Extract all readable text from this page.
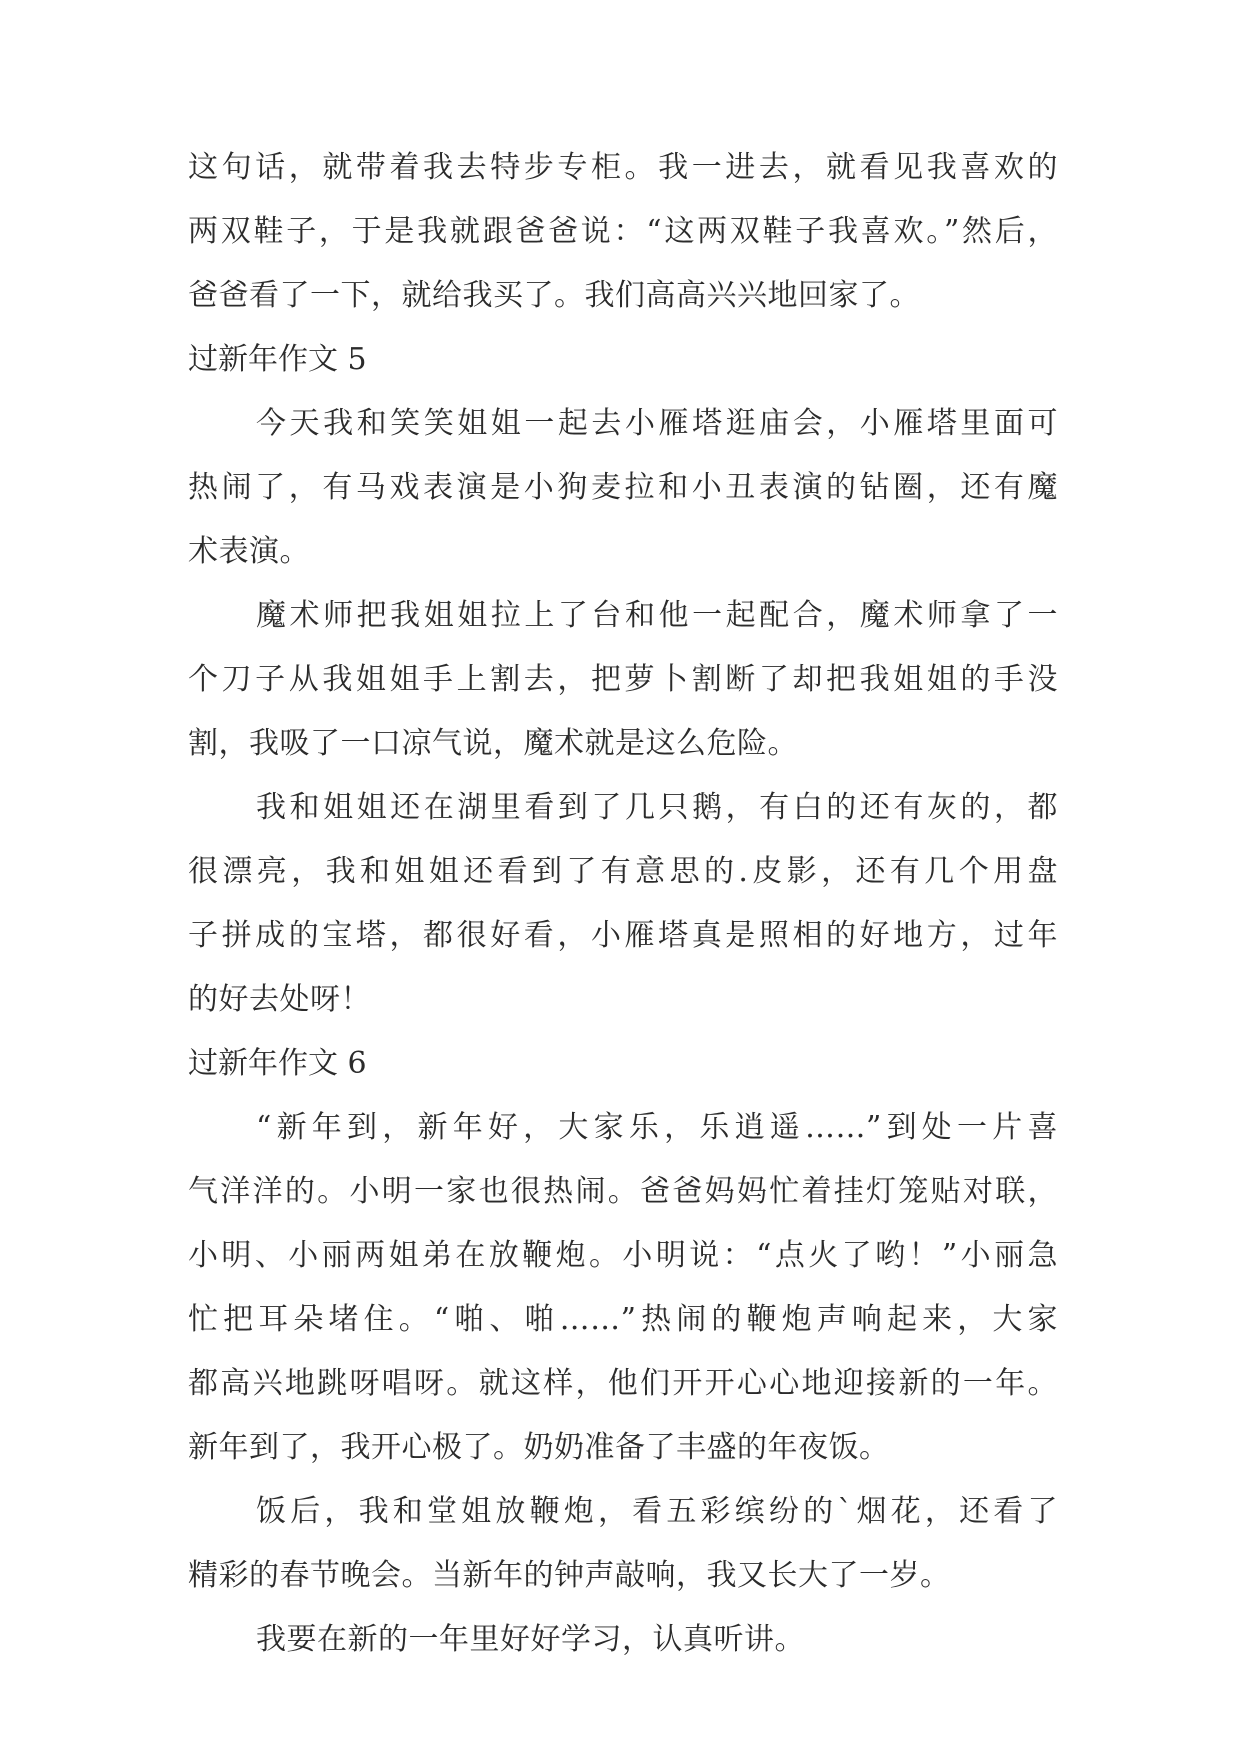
这句话，就带着我去特步专柜。我一进去，就看见我喜欢的
两双鞋子，于是我就跟爸爸说：“这两双鞋子我喜欢。”然后，
爸爸看了一下，就给我买了。我们高高兴兴地回家了。
过新年作文 5
今天我和笑笑姐姐一起去小雁塔逛庙会，小雁塔里面可
热闹了，有马戏表演是小狗麦拉和小丑表演的钻圈，还有魔
术表演。
魔术师把我姐姐拉上了台和他一起配合，魔术师拿了一
个刀子从我姐姐手上割去，把萝卜割断了却把我姐姐的手没
割，我吸了一口凉气说，魔术就是这么危险。
我和姐姐还在湖里看到了几只鹅，有白的还有灰的，都
很漂亮，我和姐姐还看到了有意思的.皮影，还有几个用盘
子拼成的宝塔，都很好看，小雁塔真是照相的好地方，过年
的好去处呀！
过新年作文 6
“新年到，新年好，大家乐，乐逍遥……”到处一片喜
气洋洋的。小明一家也很热闹。爸爸妈妈忙着挂灯笼贴对联，
小明、小丽两姐弟在放鞭炮。小明说：“点火了哟！”小丽急
忙把耳朵堵住。“啪、啪……”热闹的鞭炮声响起来，大家
都高兴地跳呀唱呀。就这样，他们开开心心地迎接新的一年。
新年到了，我开心极了。奶奶准备了丰盛的年夜饭。
饭后，我和堂姐放鞭炮，看五彩缤纷的`烟花，还看了
精彩的春节晚会。当新年的钟声敲响，我又长大了一岁。
我要在新的一年里好好学习，认真听讲。
